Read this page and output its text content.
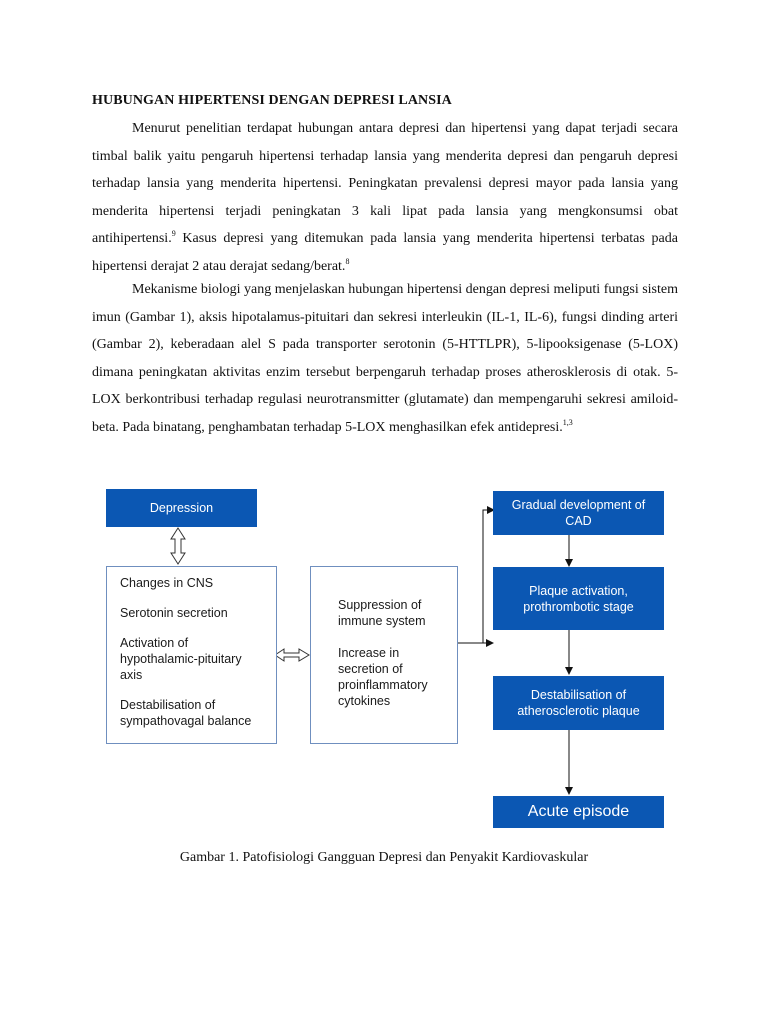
HUBUNGAN HIPERTENSI DENGAN DEPRESI LANSIA

Menurut penelitian terdapat hubungan antara depresi dan hipertensi yang dapat terjadi secara timbal balik yaitu pengaruh hipertensi terhadap lansia yang menderita depresi dan pengaruh depresi terhadap lansia yang menderita hipertensi. Peningkatan prevalensi depresi mayor pada lansia yang menderita hipertensi terjadi peningkatan 3 kali lipat pada lansia yang mengkonsumsi obat antihipertensi.$^9$ Kasus depresi yang ditemukan pada lansia yang menderita hipertensi terbatas pada hipertensi derajat 2 atau derajat sedang/berat.$^8$

Mekanisme biologi yang menjelaskan hubungan hipertensi dengan depresi meliputi fungsi sistem imun (Gambar 1), aksis hipotalamus-pituitari dan sekresi interleukin (IL-1, IL-6), fungsi dinding arteri (Gambar 2), keberadaan alel S pada transporter serotonin (5-HTTLPR), 5-lipooksigenase (5-LOX) dimana peningkatan aktivitas enzim tersebut berpengaruh terhadap proses atherosklerosis di otak. 5-LOX berkontribusi terhadap regulasi neurotransmitter (glutamate) dan mempengaruhi sekresi amiloid-beta. Pada binatang, penghambatan terhadap 5-LOX menghasilkan efek antidepresi.$^{1,3}$

Depression
Changes in CNS
Serotonin secretion
Activation of
hypothalamic-pituitary
axis
Destabilisation of
sympathovagal balance
Suppression of
immune system
Increase in
secretion of
proinflammatory
cytokines
Gradual development of CAD
Plaque activation, prothrombotic stage
Destabilisation of atherosclerotic plaque
Acute episode
Gambar 1. Patofisiologi Gangguan Depresi dan Penyakit Kardiovaskular
